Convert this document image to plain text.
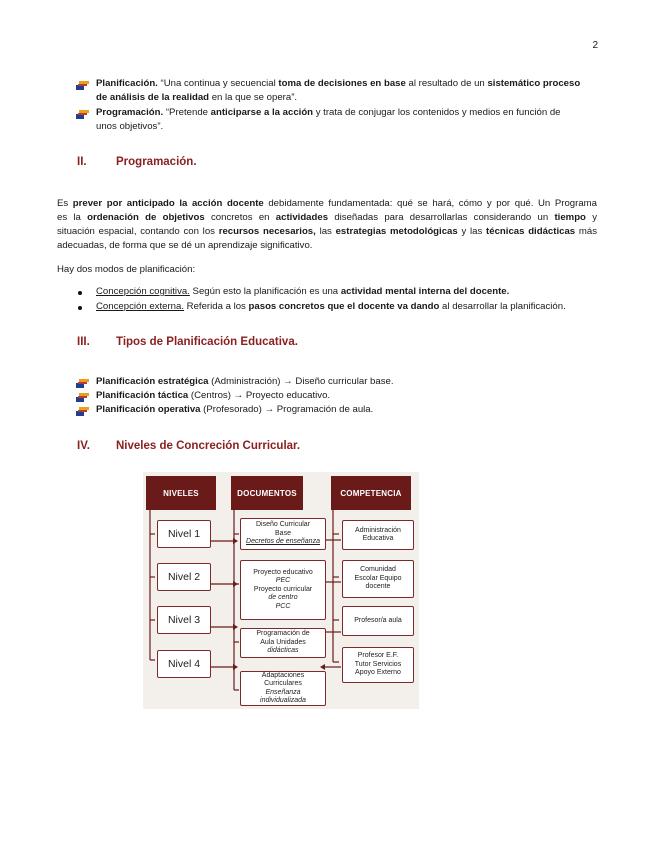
2
Planificación. “Una continua y secuencial toma de decisiones en base al resultado de un sistemático proceso
de análisis de la realidad en la que se opera”.
Programación. “Pretende anticiparse a la acción y trata de conjugar los contenidos y medios en función de
unos objetivos”.
II.	Programación.
Es prever por anticipado la acción docente debidamente fundamentada: qué se hará, cómo y por qué. Un Programa
es la ordenación de objetivos concretos en actividades diseñadas para desarrollarlas considerando un tiempo y
situación espacial, contando con los recursos necesarios, las estrategias metodológicas y las técnicas didácticas más
adecuadas, de forma que se dé un aprendizaje significativo.
Hay dos modos de planificación:
Concepción cognitiva. Según esto la planificación es una actividad mental interna del docente.
Concepción externa. Referida a los pasos concretos que el docente va dando al desarrollar la planificación.
III. Tipos de Planificación Educativa.
Planificación estratégica (Administración) → Diseño curricular base.
Planificación táctica (Centros) → Proyecto educativo.
Planificación operativa (Profesorado) → Programación de aula.
IV. Niveles de Concreción Curricular.
NIVELES	DOCUMENTOS	COMPETENCIA
Nivel 1
Nivel 2
Nivel 3
Nivel 4
Diseño Curricular
Base
Decretos de enseñanza
Proyecto educativo
PEC
Proyecto curricular
de centro
PCC
Programación de
Aula Unidades
didácticas
Adaptaciones
Curriculares
Enseñanza
individualizada
Administración
Educativa
Comunidad
Escolar Equipo
docente
Profesor/a aula
Profesor E.F.
Tutor Servicios
Apoyo Externo
